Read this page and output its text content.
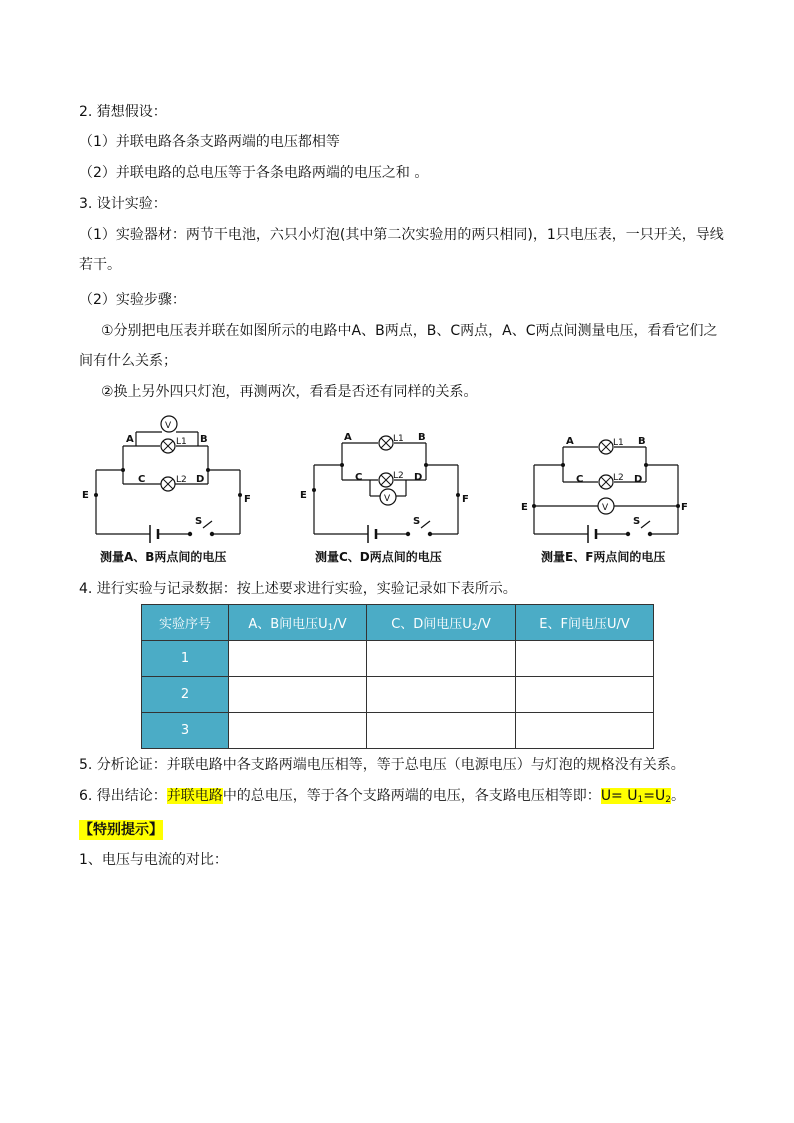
2. 猜想假设：
（1）并联电路各条支路两端的电压都相等
（2）并联电路的总电压等于各条电路两端的电压之和 。
3. 设计实验：
（1）实验器材：两节干电池，六只小灯泡(其中第二次实验用的两只相同)，1只电压表，一只开关，导线若干。
（2）实验步骤：
①分别把电压表并联在如图所示的电路中A、B两点，B、C两点，A、C两点间测量电压，看看它们之间有什么关系；
②换上另外四只灯泡，再测两次，看看是否还有同样的关系。
A	B
C	D
E	F
S
L1
L2
V
A	B
C	D
E	F
S
L1
L2
V
A	B
C	D
E	F
S
L1
L2
V
测量A、B两点间的电压	测量C、D两点间的电压	测量E、F两点间的电压
4. 进行实验与记录数据：按上述要求进行实验，实验记录如下表所示。
实验序号	A、B间电压$U_1/V$	C、D间电压$U_2/V$	E、F间电压U/V
1			
2			
3			
5. 分析论证：并联电路中各支路两端电压相等，等于总电压（电源电压）与灯泡的规格没有关系。
6. 得出结论：并联电路中的总电压，等于各个支路两端的电压，各支路电压相等即：$U= U_1=U_2$。
【特别提示】
1、电压与电流的对比：
